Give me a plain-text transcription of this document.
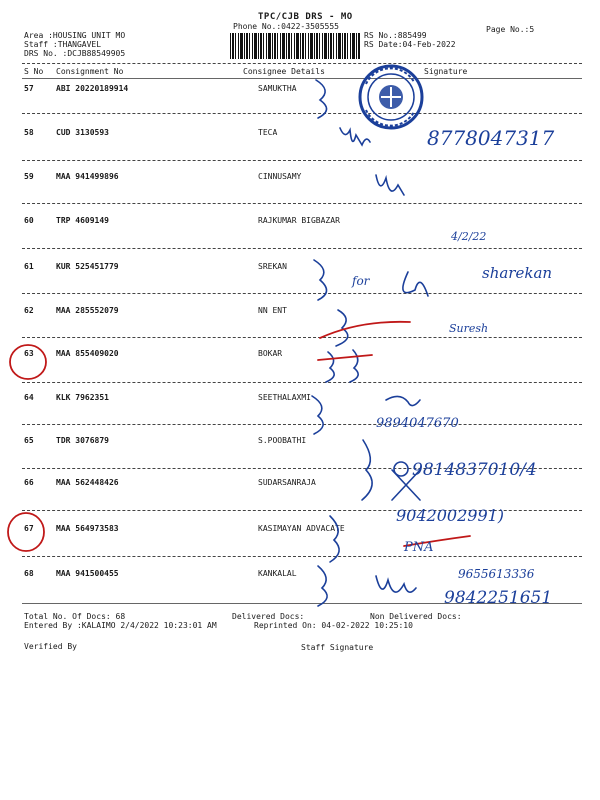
TPC/CJB DRS - MO
Phone No.:0422-3505555
Area :HOUSING UNIT MO
Staff :THANGAVEL
DRS No. :DCJB88549905
RS No.:885499
RS Date:04-Feb-2022
Page No.:5
S No Consignment No	Consignee Details	Signature
57	ABI 20220189914	SAMUKTHA
58	CUD 3130593	TECA
59	MAA 941499896	CINNUSAMY
60	TRP 4609149	RAJKUMAR BIGBAZAR
61	KUR 525451779	SREKAN
62	MAA 285552079	NN ENT
63	MAA 855409020	BOKAR
64	KLK 7962351	SEETHALAXMI
65	TDR 3076879	S.POOBATHI
66	MAA 562448426	SUDARSANRAJA
67	MAA 564973583	KASIMAYAN ADVACATE
68	MAA 941500455	KANKALAL
Total No. Of Docs: 68	Delivered Docs:	Non Delivered Docs:
Entered By :KALAIMO 2/4/2022 10:23:01 AM	Reprinted On: 04-02-2022 10:25:10
Verified By	Staff Signature
8778047317
4/2/22
for	sharekan
Suresh
9894047670
9814837010/4
9042002991)
PNA
9655613336
9842251651
